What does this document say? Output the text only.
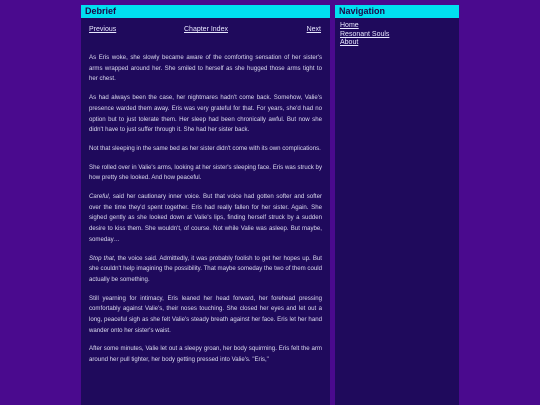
Debrief
Previous	Chapter Index	Next

As Eris woke, she slowly became aware of the comforting sensation of her sister's arms wrapped around her. She smiled to herself as she hugged those arms tight to her chest.

As had always been the case, her nightmares hadn't come back. Somehow, Valie's presence warded them away. Eris was very grateful for that. For years, she'd had no option but to just tolerate them. Her sleep had been chronically awful. But now she didn't have to just suffer through it. She had her sister back.

Not that sleeping in the same bed as her sister didn't come with its own complications.

She rolled over in Valie's arms, looking at her sister's sleeping face. Eris was struck by how pretty she looked. And how peaceful.

Careful, said her cautionary inner voice. But that voice had gotten softer and softer over the time they'd spent together. Eris had really fallen for her sister. Again. She sighed gently as she looked down at Valie's lips, finding herself struck by a sudden desire to kiss them. She wouldn't, of course. Not while Valie was asleep. But maybe, someday…

Stop that, the voice said. Admittedly, it was probably foolish to get her hopes up. But she couldn't help imagining the possibility. That maybe someday the two of them could actually be something.

Still yearning for intimacy, Eris leaned her head forward, her forehead pressing comfortably against Valie's, their noses touching. She closed her eyes and let out a long, peaceful sigh as she felt Valie's steady breath against her face. Eris let her hand wander onto her sister's waist.

After some minutes, Valie let out a sleepy groan, her body squirming. Eris felt the arm around her pull tighter, her body getting pressed into Valie's. "Eris,"

Navigation
Home
Resonant Souls
About
